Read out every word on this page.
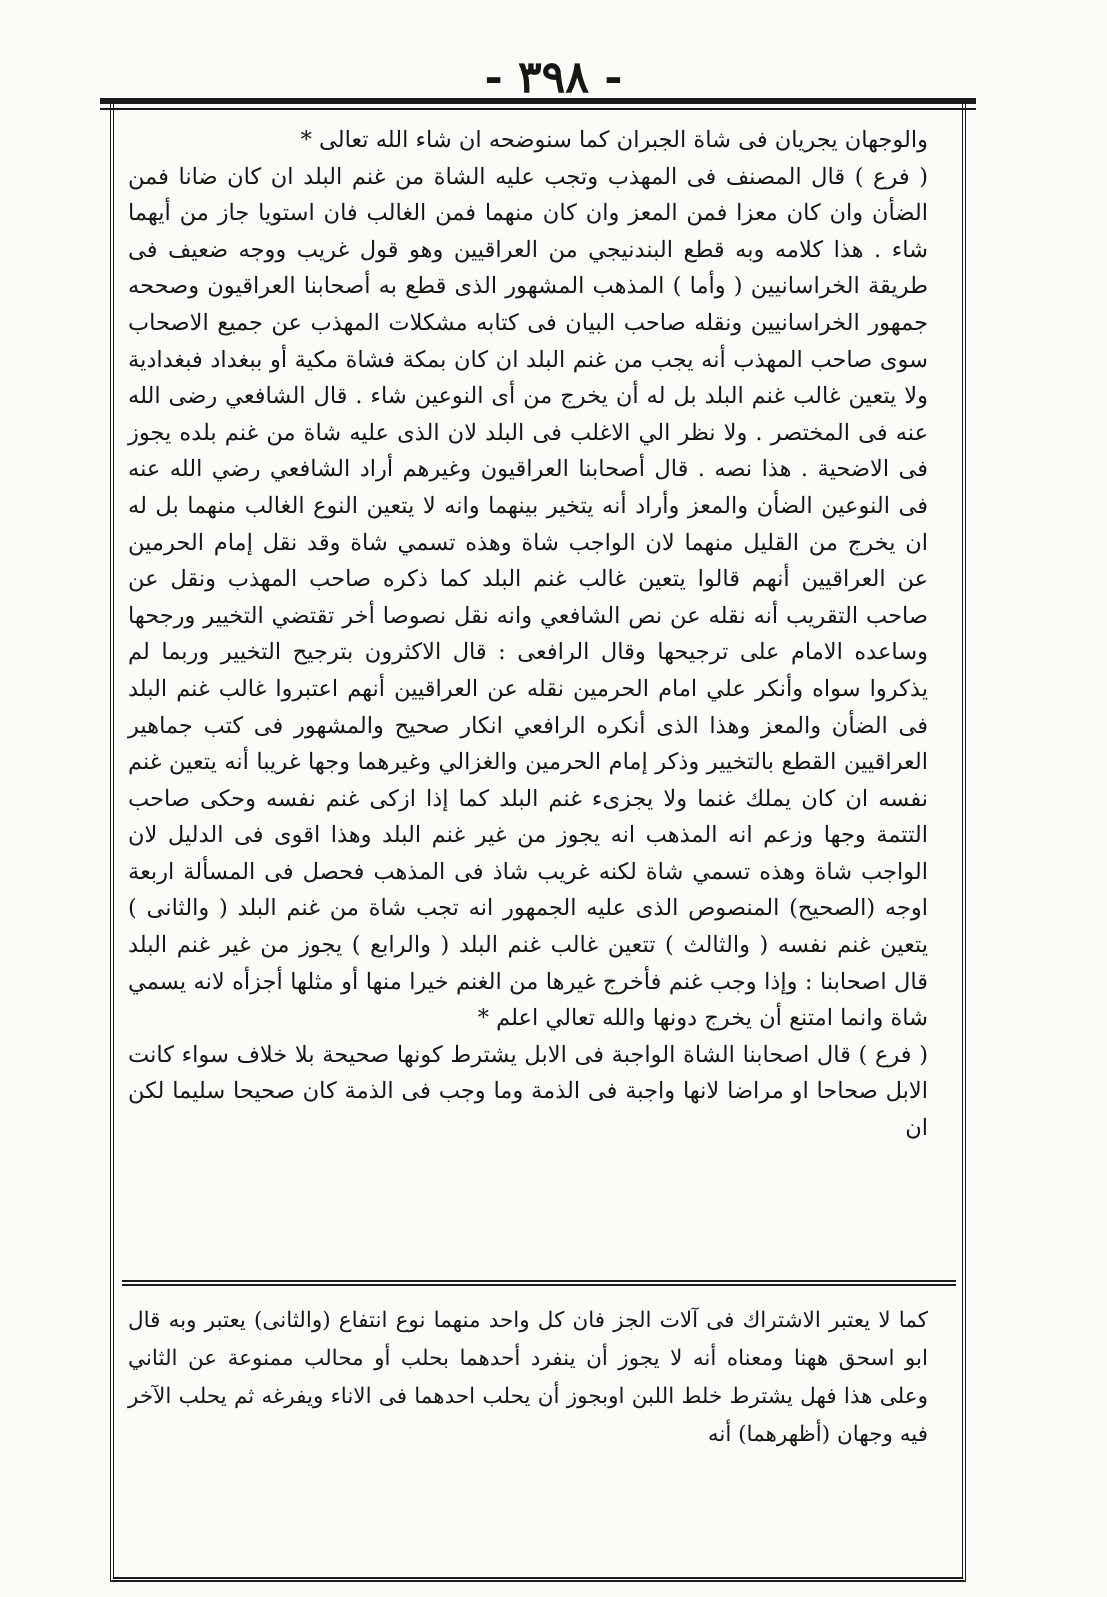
- ٣٩٨ -

والوجهان يجريان فى شاة الجبران كما سنوضحه ان شاء الله تعالى *

( فرع ) قال المصنف فى المهذب وتجب عليه الشاة من غنم البلد ان كان ضانا فمن الضأن وان كان معزا فمن المعز وان كان منهما فمن الغالب فان استويا جاز من أيهما شاء . هذا كلامه وبه قطع البندنيجي من العراقيين وهو قول غريب ووجه ضعيف فى طريقة الخراسانيين ( وأما ) المذهب المشهور الذى قطع به أصحابنا العراقيون وصححه جمهور الخراسانيين ونقله صاحب البيان فى كتابه مشكلات المهذب عن جميع الاصحاب سوى صاحب المهذب أنه يجب من غنم البلد ان كان بمكة فشاة مكية أو ببغداد فبغدادية ولا يتعين غالب غنم البلد بل له أن يخرج من أى النوعين شاء . قال الشافعي رضى الله عنه فى المختصر . ولا نظر الي الاغلب فى البلد لان الذى عليه شاة من غنم بلده يجوز فى الاضحية . هذا نصه . قال أصحابنا العراقيون وغيرهم أراد الشافعي رضي الله عنه فى النوعين الضأن والمعز وأراد أنه يتخير بينهما وانه لا يتعين النوع الغالب منهما بل له ان يخرج من القليل منهما لان الواجب شاة وهذه تسمي شاة وقد نقل إمام الحرمين عن العراقيين أنهم قالوا يتعين غالب غنم البلد كما ذكره صاحب المهذب ونقل عن صاحب التقريب أنه نقله عن نص الشافعي وانه نقل نصوصا أخر تقتضي التخيير ورجحها وساعده الامام على ترجيحها وقال الرافعى : قال الاكثرون بترجيح التخيير وربما لم يذكروا سواه وأنكر علي امام الحرمين نقله عن العراقيين أنهم اعتبروا غالب غنم البلد فى الضأن والمعز وهذا الذى أنكره الرافعي انكار صحيح والمشهور فى كتب جماهير العراقيين القطع بالتخيير وذكر إمام الحرمين والغزالي وغيرهما وجها غريبا أنه يتعين غنم نفسه ان كان يملك غنما ولا يجزىء غنم البلد كما إذا ازكى غنم نفسه وحكى صاحب التتمة وجها وزعم انه المذهب انه يجوز من غير غنم البلد وهذا اقوى فى الدليل لان الواجب شاة وهذه تسمي شاة لكنه غريب شاذ فى المذهب فحصل فى المسألة اربعة اوجه (الصحيح) المنصوص الذى عليه الجمهور انه تجب شاة من غنم البلد ( والثانى ) يتعين غنم نفسه ( والثالث ) تتعين غالب غنم البلد ( والرابع ) يجوز من غير غنم البلد قال اصحابنا : وإذا وجب غنم فأخرج غيرها من الغنم خيرا منها أو مثلها أجزأه لانه يسمي شاة وانما امتنع أن يخرج دونها والله تعالي اعلم *

( فرع ) قال اصحابنا الشاة الواجبة فى الابل يشترط كونها صحيحة بلا خلاف سواء كانت الابل صحاحا او مراضا لانها واجبة فى الذمة وما وجب فى الذمة كان صحيحا سليما لكن ان

كما لا يعتبر الاشتراك فى آلات الجز فان كل واحد منهما نوع انتفاع (والثانى) يعتبر وبه قال ابو اسحق ههنا ومعناه أنه لا يجوز أن ينفرد أحدهما بحلب أو محالب ممنوعة عن الثاني وعلى هذا فهل يشترط خلط اللبن اوبجوز أن يحلب احدهما فى الاناء ويفرغه ثم يحلب الآخر فيه وجهان (أظهرهما) أنه
